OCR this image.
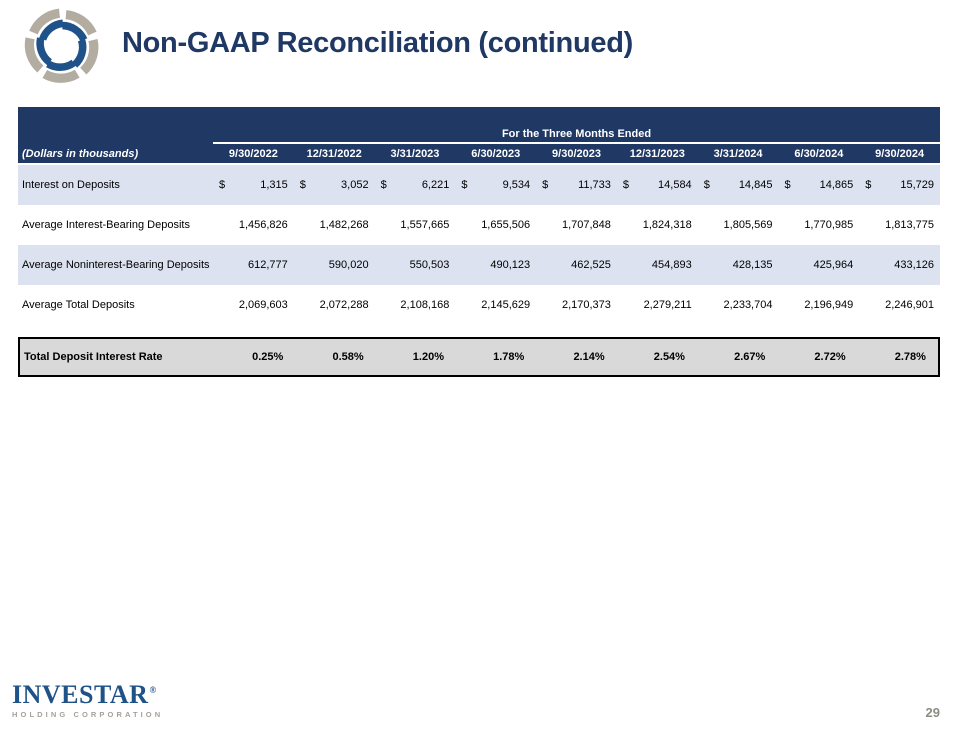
Non-GAAP Reconciliation (continued)
For the Three Months Ended
(Dollars in thousands)	9/30/2022	12/31/2022	3/31/2023	6/30/2023	9/30/2023	12/31/2023	3/31/2024	6/30/2024	9/30/2024
Interest on Deposits	$	1,315 $	3,052 $	6,221 $	9,534 $	11,733 $	14,584 $	14,845 $	14,865 $	15,729
Average Interest-Bearing Deposits	1,456,826	1,482,268	1,557,665	1,655,506	1,707,848	1,824,318	1,805,569	1,770,985	1,813,775
Average Noninterest-Bearing Deposits	612,777	590,020	550,503	490,123	462,525	454,893	428,135	425,964	433,126
Average Total Deposits	2,069,603	2,072,288	2,108,168	2,145,629	2,170,373	2,279,211	2,233,704	2,196,949	2,246,901
Total Deposit Interest Rate	0.25%	0.58%	1.20%	1.78%	2.14%	2.54%	2.67%	2.72%	2.78%
INVESTAR®
HOLDING CORPORATION	29
